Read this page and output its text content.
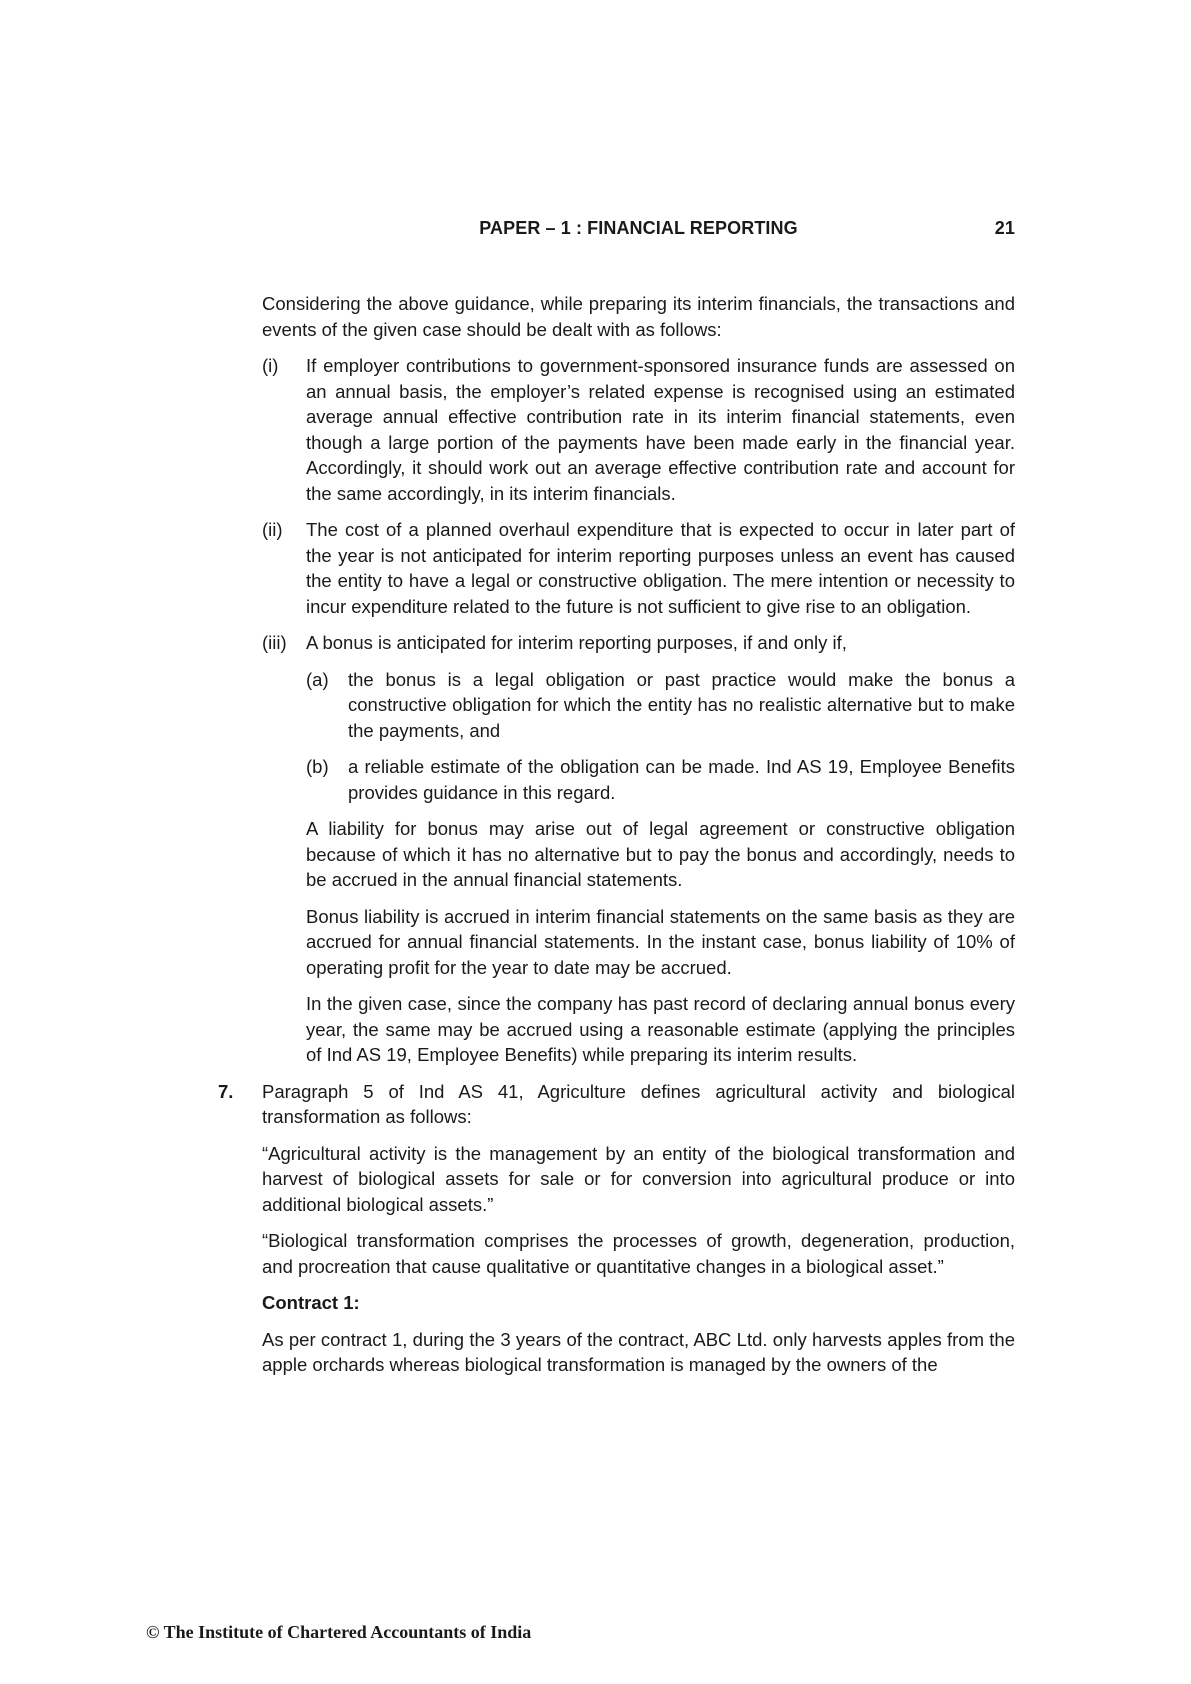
PAPER – 1 : FINANCIAL REPORTING	21

Considering the above guidance, while preparing its interim financials, the transactions and events of the given case should be dealt with as follows:

(i) If employer contributions to government-sponsored insurance funds are assessed on an annual basis, the employer’s related expense is recognised using an estimated average annual effective contribution rate in its interim financial statements, even though a large portion of the payments have been made early in the financial year. Accordingly, it should work out an average effective contribution rate and account for the same accordingly, in its interim financials.
(ii) The cost of a planned overhaul expenditure that is expected to occur in later part of the year is not anticipated for interim reporting purposes unless an event has caused the entity to have a legal or constructive obligation. The mere intention or necessity to incur expenditure related to the future is not sufficient to give rise to an obligation.
(iii) A bonus is anticipated for interim reporting purposes, if and only if,
(a) the bonus is a legal obligation or past practice would make the bonus a constructive obligation for which the entity has no realistic alternative but to make the payments, and
(b) a reliable estimate of the obligation can be made. Ind AS 19, Employee Benefits provides guidance in this regard.

A liability for bonus may arise out of legal agreement or constructive obligation because of which it has no alternative but to pay the bonus and accordingly, needs to be accrued in the annual financial statements.

Bonus liability is accrued in interim financial statements on the same basis as they are accrued for annual financial statements. In the instant case, bonus liability of 10% of operating profit for the year to date may be accrued.

In the given case, since the company has past record of declaring annual bonus every year, the same may be accrued using a reasonable estimate (applying the principles of Ind AS 19, Employee Benefits) while preparing its interim results.

7. Paragraph 5 of Ind AS 41, Agriculture defines agricultural activity and biological transformation as follows:

“Agricultural activity is the management by an entity of the biological transformation and harvest of biological assets for sale or for conversion into agricultural produce or into additional biological assets.”

“Biological transformation comprises the processes of growth, degeneration, production, and procreation that cause qualitative or quantitative changes in a biological asset.”

Contract 1:

As per contract 1, during the 3 years of the contract, ABC Ltd. only harvests apples from the apple orchards whereas biological transformation is managed by the owners of the

© The Institute of Chartered Accountants of India
